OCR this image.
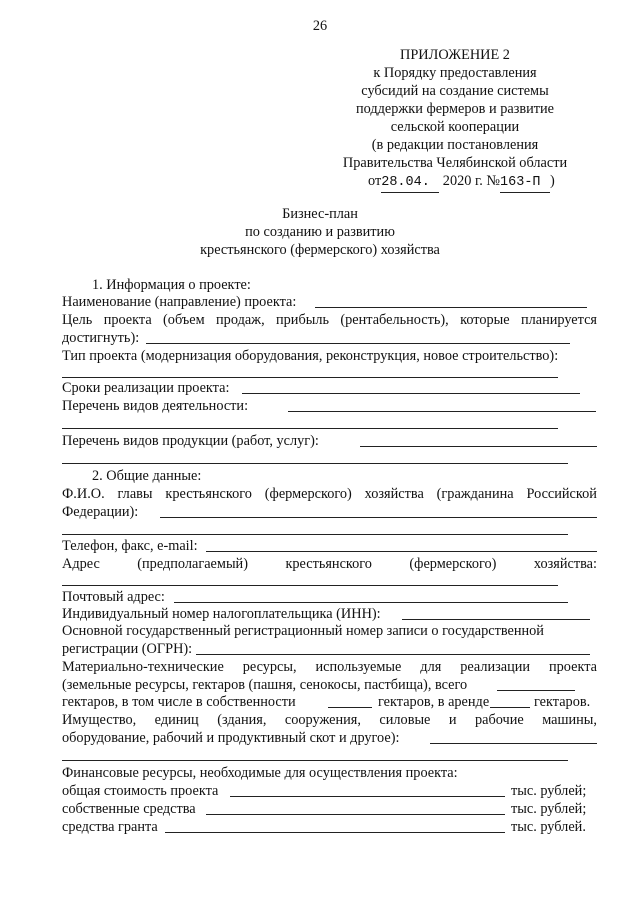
26
ПРИЛОЖЕНИЕ 2
к Порядку предоставления
субсидий на создание системы
поддержки фермеров и развитие
сельской кооперации
(в редакции постановления
Правительства Челябинской области
от28.04. 2020 г. №163-П )
Бизнес-план
по созданию и развитию
крестьянского (фермерского) хозяйства
1. Информация о проекте:
Наименование (направление) проекта:
Цель проекта (объем продаж, прибыль (рентабельность), которые планируется
достигнуть):
Тип проекта (модернизация оборудования, реконструкция, новое строительство):
Сроки реализации проекта:
Перечень видов деятельности:
Перечень видов продукции (работ, услуг):
2. Общие данные:
Ф.И.О. главы крестьянского (фермерского) хозяйства (гражданина Российской
Федерации):
Телефон, факс, e-mail:
Адрес	(предполагаемый)	крестьянского	(фермерского)	хозяйства:
Почтовый адрес:
Индивидуальный номер налогоплательщика (ИНН):
Основной государственный регистрационный номер записи о государственной
регистрации (ОГРН):
Материально-технические ресурсы, используемые для реализации проекта
(земельные ресурсы, гектаров (пашня, сенокосы, пастбища), всего
гектаров, в том числе в собственности	гектаров, в аренде	гектаров.
Имущество, единиц (здания, сооружения, силовые и рабочие машины,
оборудование, рабочий и продуктивный скот и другое):
Финансовые ресурсы, необходимые для осуществления проекта:
общая стоимость проекта	тыс. рублей;
собственные средства	тыс. рублей;
средства гранта	тыс. рублей.
